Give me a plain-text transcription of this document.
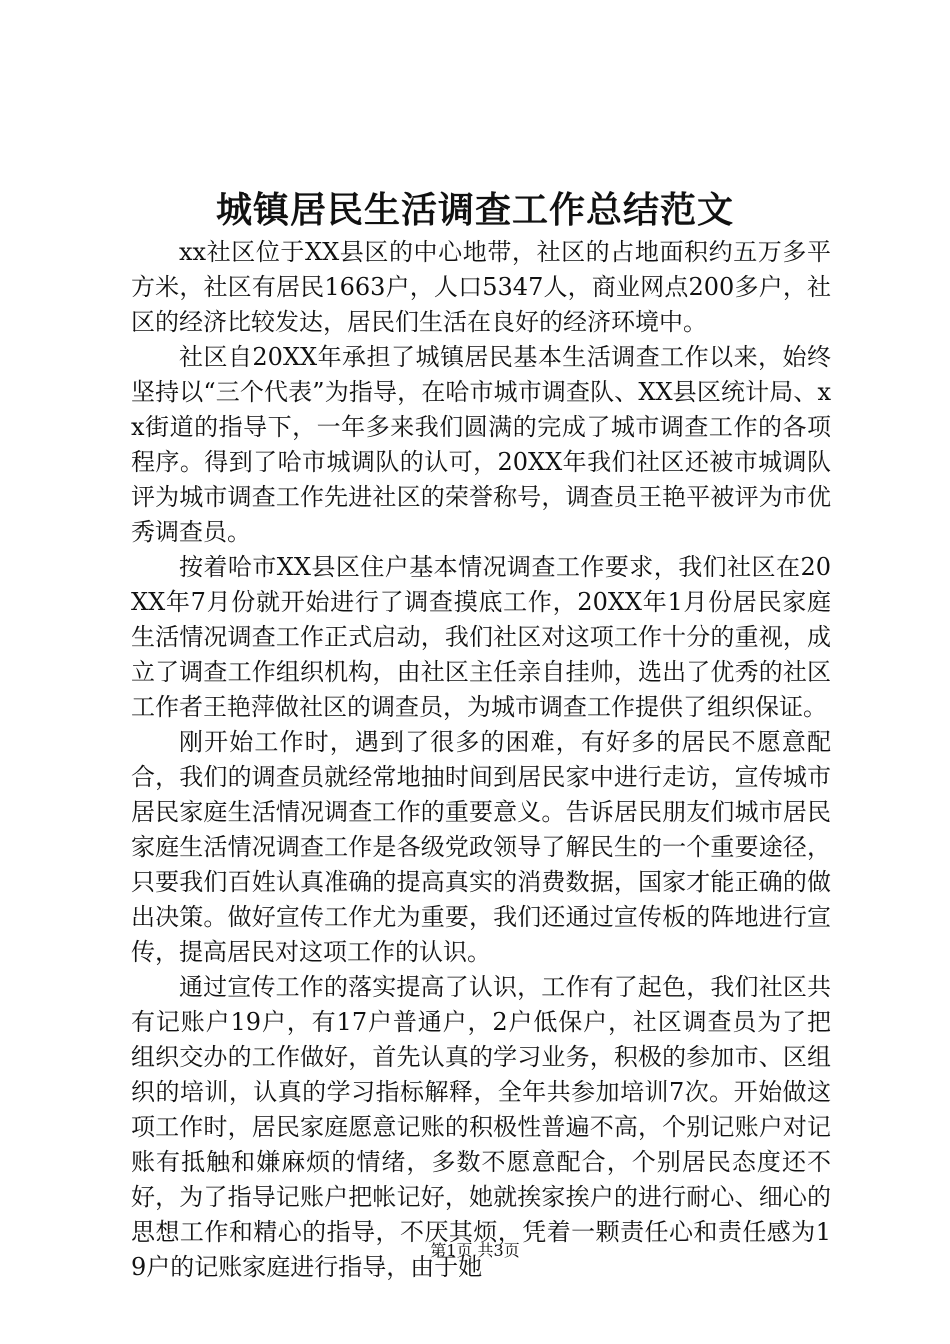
城镇居民生活调查工作总结范文

xx社区位于XX县区的中心地带，社区的占地面积约五万多平方米，社区有居民1663户，人口5347人，商业网点200多户，社区的经济比较发达，居民们生活在良好的经济环境中。

社区自20XX年承担了城镇居民基本生活调查工作以来，始终坚持以“三个代表”为指导，在哈市城市调查队、XX县区统计局、xx街道的指导下，一年多来我们圆满的完成了城市调查工作的各项程序。得到了哈市城调队的认可，20XX年我们社区还被市城调队评为城市调查工作先进社区的荣誉称号，调查员王艳平被评为市优秀调查员。

按着哈市XX县区住户基本情况调查工作要求，我们社区在20XX年7月份就开始进行了调查摸底工作，20XX年1月份居民家庭生活情况调查工作正式启动，我们社区对这项工作十分的重视，成立了调查工作组织机构，由社区主任亲自挂帅，选出了优秀的社区工作者王艳萍做社区的调查员，为城市调查工作提供了组织保证。

刚开始工作时，遇到了很多的困难，有好多的居民不愿意配合，我们的调查员就经常地抽时间到居民家中进行走访，宣传城市居民家庭生活情况调查工作的重要意义。告诉居民朋友们城市居民家庭生活情况调查工作是各级党政领导了解民生的一个重要途径，只要我们百姓认真准确的提高真实的消费数据，国家才能正确的做出决策。做好宣传工作尤为重要，我们还通过宣传板的阵地进行宣传，提高居民对这项工作的认识。

通过宣传工作的落实提高了认识，工作有了起色，我们社区共有记账户19户，有17户普通户，2户低保户，社区调查员为了把组织交办的工作做好，首先认真的学习业务，积极的参加市、区组织的培训，认真的学习指标解释，全年共参加培训7次。开始做这项工作时，居民家庭愿意记账的积极性普遍不高，个别记账户对记账有抵触和嫌麻烦的情绪，多数不愿意配合，个别居民态度还不好，为了指导记账户把帐记好，她就挨家挨户的进行耐心、细心的思想工作和精心的指导，不厌其烦，凭着一颗责任心和责任感为19户的记账家庭进行指导，由于她

第1页 共3页
